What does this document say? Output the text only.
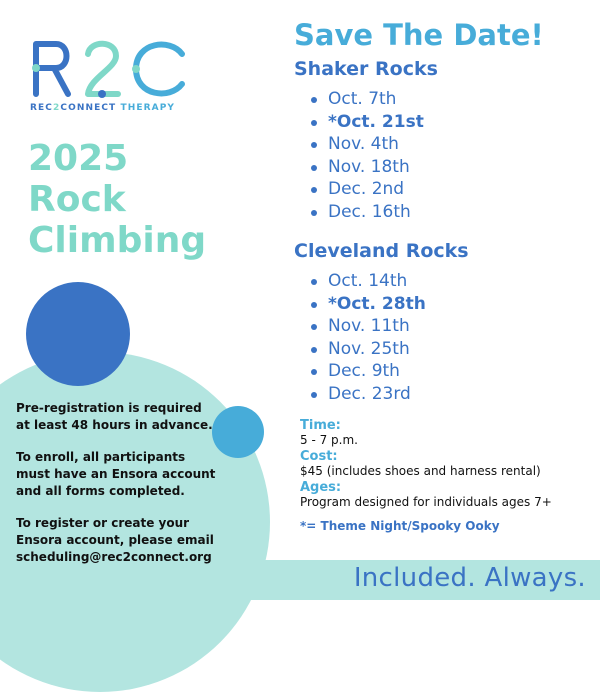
REC2CONNECT THERAPY
2025
Rock
Climbing

Pre-registration is required at least 48 hours in advance.

To enroll, all participants must have an Ensora account and all forms completed.

To register or create your Ensora account, please email scheduling@rec2connect.org

Save The Date!
Shaker Rocks
Oct. 7th
*Oct. 21st
Nov. 4th
Nov. 18th
Dec. 2nd
Dec. 16th
Cleveland Rocks
Oct. 14th
*Oct. 28th
Nov. 11th
Nov. 25th
Dec. 9th
Dec. 23rd
Time:
5 - 7 p.m.
Cost:
$45 (includes shoes and harness rental)
Ages:
Program designed for individuals ages 7+
*= Theme Night/Spooky Ooky
Included. Always.
